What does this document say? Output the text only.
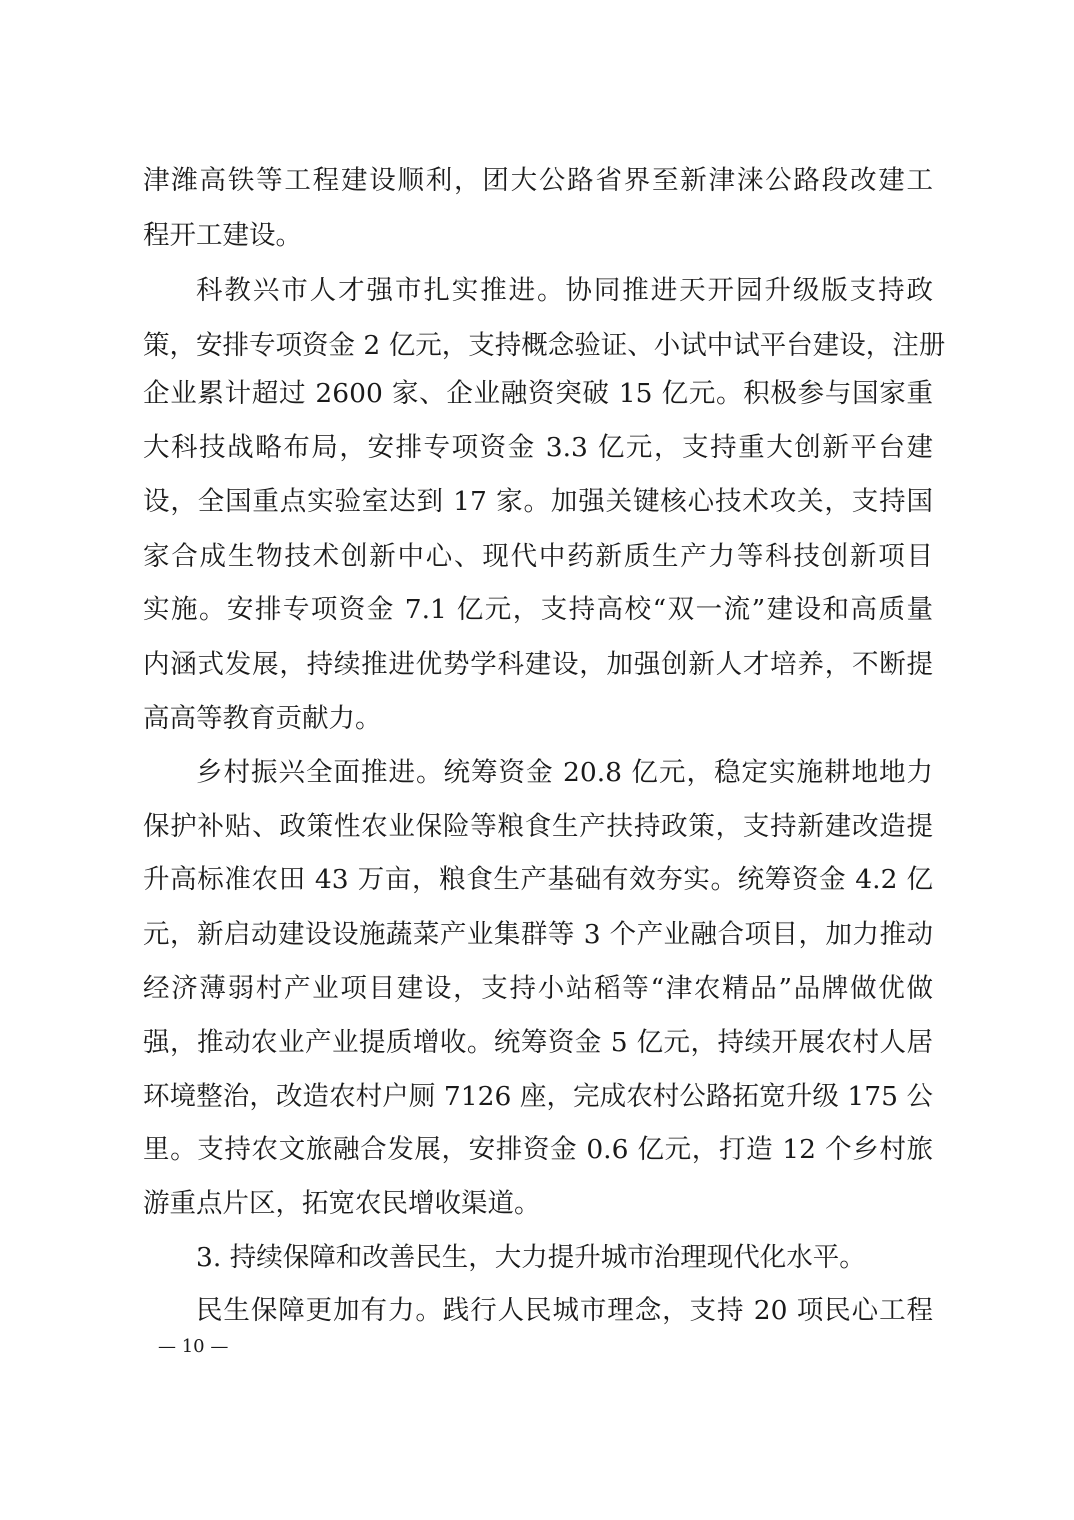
津潍高铁等工程建设顺利，团大公路省界至新津涞公路段改建工
程开工建设。
科教兴市人才强市扎实推进。协同推进天开园升级版支持政
策，安排专项资金 2 亿元，支持概念验证、小试中试平台建设，注册
企业累计超过 2600 家、企业融资突破 15 亿元。积极参与国家重
大科技战略布局，安排专项资金 3.3 亿元，支持重大创新平台建
设，全国重点实验室达到 17 家。加强关键核心技术攻关，支持国
家合成生物技术创新中心、现代中药新质生产力等科技创新项目
实施。安排专项资金 7.1 亿元，支持高校“双一流”建设和高质量
内涵式发展，持续推进优势学科建设，加强创新人才培养，不断提
高高等教育贡献力。
乡村振兴全面推进。统筹资金 20.8 亿元，稳定实施耕地地力
保护补贴、政策性农业保险等粮食生产扶持政策，支持新建改造提
升高标准农田 43 万亩，粮食生产基础有效夯实。统筹资金 4.2 亿
元，新启动建设设施蔬菜产业集群等 3 个产业融合项目，加力推动
经济薄弱村产业项目建设，支持小站稻等“津农精品”品牌做优做
强，推动农业产业提质增收。统筹资金 5 亿元，持续开展农村人居
环境整治，改造农村户厕 7126 座，完成农村公路拓宽升级 175 公
里。支持农文旅融合发展，安排资金 0.6 亿元，打造 12 个乡村旅
游重点片区，拓宽农民增收渠道。
3. 持续保障和改善民生，大力提升城市治理现代化水平。
民生保障更加有力。践行人民城市理念，支持 20 项民心工程
— 10 —
